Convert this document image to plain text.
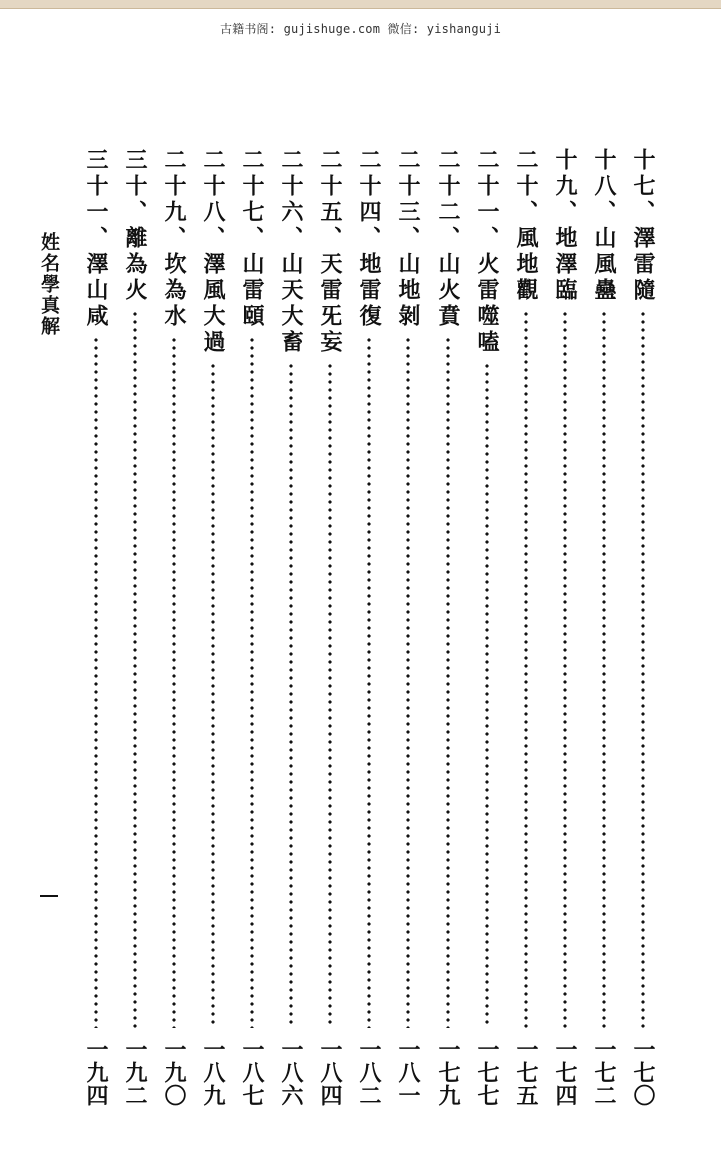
古籍书阁: gujishuge.com 微信: yishanguji
姓名學真解	十七、澤雷隨
一七〇
十八、山風蠱
一七二
十九、地澤臨
一七四
二十、風地觀
一七五
二十一、火雷噬嗑
一七七
二十二、山火賁
一七九
二十三、山地剝
一八一
二十四、地雷復
一八二
二十五、天雷旡妄
一八四
二十六、山天大畜
一八六
二十七、山雷頤
一八七
二十八、澤風大過
一八九
二十九、坎為水
一九〇
三十、離為火
一九二
三十一、澤山咸
一九四
